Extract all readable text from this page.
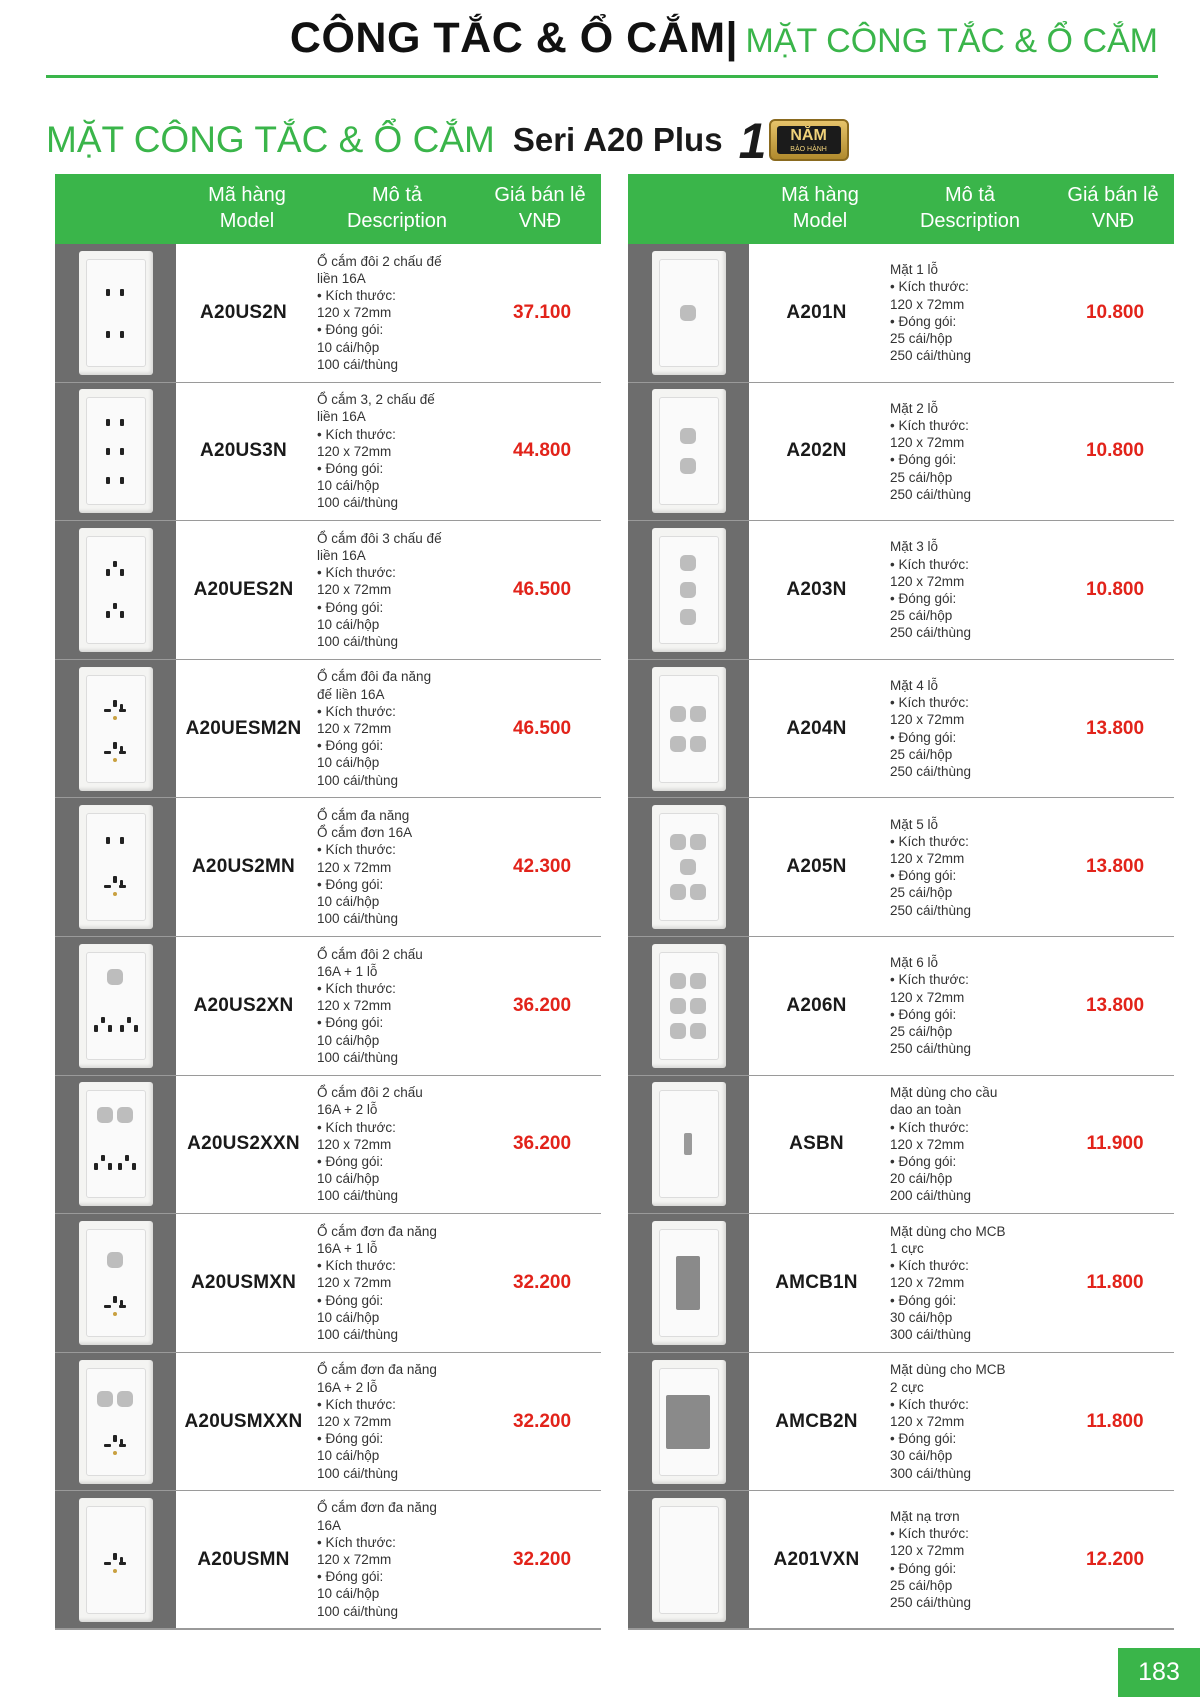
CÔNG TẮC & Ổ CẮM| MẶT CÔNG TẮC & Ổ CẮM
MẶT CÔNG TẮC & Ổ CẮM Seri A20 Plus 1	NĂM
BẢO HÀNH
Mã hàng
Model
Mô tả
Description
Giá bán lẻ
VNĐ
A20US2N
Ổ cắm đôi 2 chấu đế
liền 16A
• Kích thước:
120 x 72mm
• Đóng gói:
10 cái/hộp
100 cái/thùng
37.100
A20US3N
Ổ cắm 3, 2 chấu đế
liền 16A
• Kích thước:
120 x 72mm
• Đóng gói:
10 cái/hộp
100 cái/thùng
44.800
A20UES2N
Ổ cắm đôi 3 chấu đế
liền 16A
• Kích thước:
120 x 72mm
• Đóng gói:
10 cái/hộp
100 cái/thùng
46.500
A20UESM2N
Ổ cắm đôi đa năng
đế liền 16A
• Kích thước:
120 x 72mm
• Đóng gói:
10 cái/hộp
100 cái/thùng
46.500
A20US2MN
Ổ cắm đa năng
Ổ cắm đơn 16A
• Kích thước:
120 x 72mm
• Đóng gói:
10 cái/hộp
100 cái/thùng
42.300
A20US2XN
Ổ cắm đôi 2 chấu
16A + 1 lỗ
• Kích thước:
120 x 72mm
• Đóng gói:
10 cái/hộp
100 cái/thùng
36.200
A20US2XXN
Ổ cắm đôi 2 chấu
16A + 2 lỗ
• Kích thước:
120 x 72mm
• Đóng gói:
10 cái/hộp
100 cái/thùng
36.200
A20USMXN
Ổ cắm đơn đa năng
16A + 1 lỗ
• Kích thước:
120 x 72mm
• Đóng gói:
10 cái/hộp
100 cái/thùng
32.200
A20USMXXN
Ổ cắm đơn đa năng
16A + 2 lỗ
• Kích thước:
120 x 72mm
• Đóng gói:
10 cái/hộp
100 cái/thùng
32.200
A20USMN
Ổ cắm đơn đa năng
16A
• Kích thước:
120 x 72mm
• Đóng gói:
10 cái/hộp
100 cái/thùng
32.200
Mã hàng
Model
Mô tả
Description
Giá bán lẻ
VNĐ
A201N
Mặt 1 lỗ
• Kích thước:
120 x 72mm
• Đóng gói:
25 cái/hộp
250 cái/thùng
10.800
A202N
Mặt 2 lỗ
• Kích thước:
120 x 72mm
• Đóng gói:
25 cái/hộp
250 cái/thùng
10.800
A203N
Mặt 3 lỗ
• Kích thước:
120 x 72mm
• Đóng gói:
25 cái/hộp
250 cái/thùng
10.800
A204N
Mặt 4 lỗ
• Kích thước:
120 x 72mm
• Đóng gói:
25 cái/hộp
250 cái/thùng
13.800
A205N
Mặt 5 lỗ
• Kích thước:
120 x 72mm
• Đóng gói:
25 cái/hộp
250 cái/thùng
13.800
A206N
Mặt 6 lỗ
• Kích thước:
120 x 72mm
• Đóng gói:
25 cái/hộp
250 cái/thùng
13.800
ASBN
Mặt dùng cho cầu
dao an toàn
• Kích thước:
120 x 72mm
• Đóng gói:
20 cái/hộp
200 cái/thùng
11.900
AMCB1N
Mặt dùng cho MCB
1 cực
• Kích thước:
120 x 72mm
• Đóng gói:
30 cái/hộp
300 cái/thùng
11.800
AMCB2N
Mặt dùng cho MCB
2 cực
• Kích thước:
120 x 72mm
• Đóng gói:
30 cái/hộp
300 cái/thùng
11.800
A201VXN
Mặt nạ trơn
• Kích thước:
120 x 72mm
• Đóng gói:
25 cái/hộp
250 cái/thùng
12.200
183
